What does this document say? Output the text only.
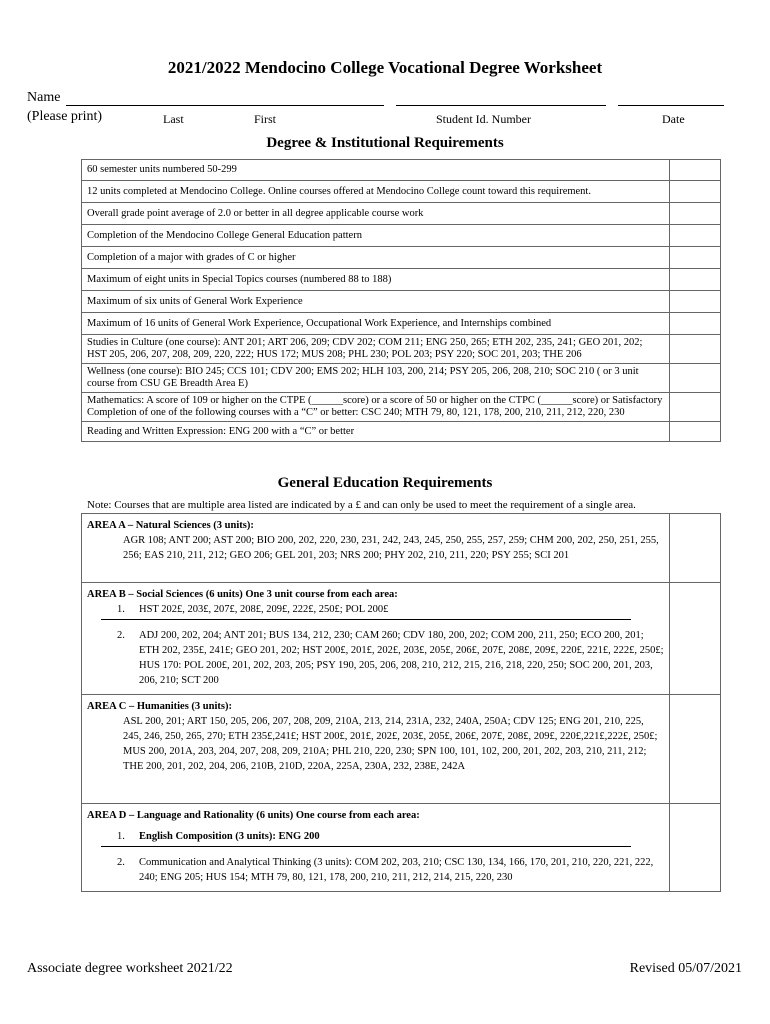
2021/2022 Mendocino College Vocational Degree Worksheet
Name
(Please print)	Last	First	Student Id. Number	Date
Degree & Institutional Requirements
60 semester units numbered 50-299	
12 units completed at Mendocino College. Online courses offered at Mendocino College count toward this requirement.	
Overall grade point average of 2.0 or better in all degree applicable course work	
Completion of the Mendocino College General Education pattern	
Completion of a major with grades of C or higher	
Maximum of eight units in Special Topics courses (numbered 88 to 188)	
Maximum of six units of General Work Experience	
Maximum of 16 units of General Work Experience, Occupational Work Experience, and Internships combined	
Studies in Culture (one course): ANT 201; ART 206, 209; CDV 202; COM 211; ENG 250, 265; ETH 202, 235, 241; GEO 201, 202; HST 205, 206, 207, 208, 209, 220, 222; HUS 172; MUS 208; PHL 230; POL 203; PSY 220; SOC 201, 203; THE 206	
Wellness (one course): BIO 245; CCS 101; CDV 200; EMS 202; HLH 103, 200, 214; PSY 205, 206, 208, 210; SOC 210 ( or 3 unit course from CSU GE Breadth Area E)	
Mathematics: A score of 109 or higher on the CTPE (______score) or a score of 50 or higher on the CTPC (______score) or Satisfactory Completion of one of the following courses with a “C” or better: CSC 240; MTH 79, 80, 121, 178, 200, 210, 211, 212, 220, 230	
Reading and Written Expression: ENG 200 with a “C” or better	
General Education Requirements
Note: Courses that are multiple area listed are indicated by a £ and can only be used to meet the requirement of a single area.
AREA A – Natural Sciences (3 units):
AGR 108; ANT 200; AST 200; BIO 200, 202, 220, 230, 231, 242, 243, 245, 250, 255, 257, 259; CHM 200, 202, 250, 251, 255, 256; EAS 210, 211, 212; GEO 206; GEL 201, 203; NRS 200; PHY 202, 210, 211, 220; PSY 255; SCI 201	

AREA B – Social Sciences (6 units) One 3 unit course from each area:
1. HST 202£, 203£, 207£, 208£, 209£, 222£, 250£; POL 200£
2. ADJ 200, 202, 204; ANT 201; BUS 134, 212, 230; CAM 260; CDV 180, 200, 202; COM 200, 211, 250; ECO 200, 201; ETH 202, 235£, 241£; GEO 201, 202; HST 200£, 201£, 202£, 203£, 205£, 206£, 207£, 208£, 209£, 220£, 221£, 222£, 250£; HUS 170: POL 200£, 201, 202, 203, 205; PSY 190, 205, 206, 208, 210, 212, 215, 216, 218, 220, 250; SOC 200, 201, 203, 206, 210; SCT 200	

AREA C – Humanities (3 units):
ASL 200, 201; ART 150, 205, 206, 207, 208, 209, 210A, 213, 214, 231A, 232, 240A, 250A; CDV 125; ENG 201, 210, 225, 245, 246, 250, 265, 270; ETH 235£,241£; HST 200£, 201£, 202£, 203£, 205£, 206£, 207£, 208£, 209£, 220£,221£,222£, 250£; MUS 200, 201A, 203, 204, 207, 208, 209, 210A; PHL 210, 220, 230; SPN 100, 101, 102, 200, 201, 202, 203, 210, 211, 212; THE 200, 201, 202, 204, 206, 210B, 210D, 220A, 225A, 230A, 232, 238E, 242A	

AREA D – Language and Rationality (6 units) One course from each area:
1. English Composition (3 units): ENG 200
2. Communication and Analytical Thinking (3 units): COM 202, 203, 210; CSC 130, 134, 166, 170, 201, 210, 220, 221, 222, 240; ENG 205; HUS 154; MTH 79, 80, 121, 178, 200, 210, 211, 212, 214, 215, 220, 230	

Associate degree worksheet 2021/22	Revised 05/07/2021
